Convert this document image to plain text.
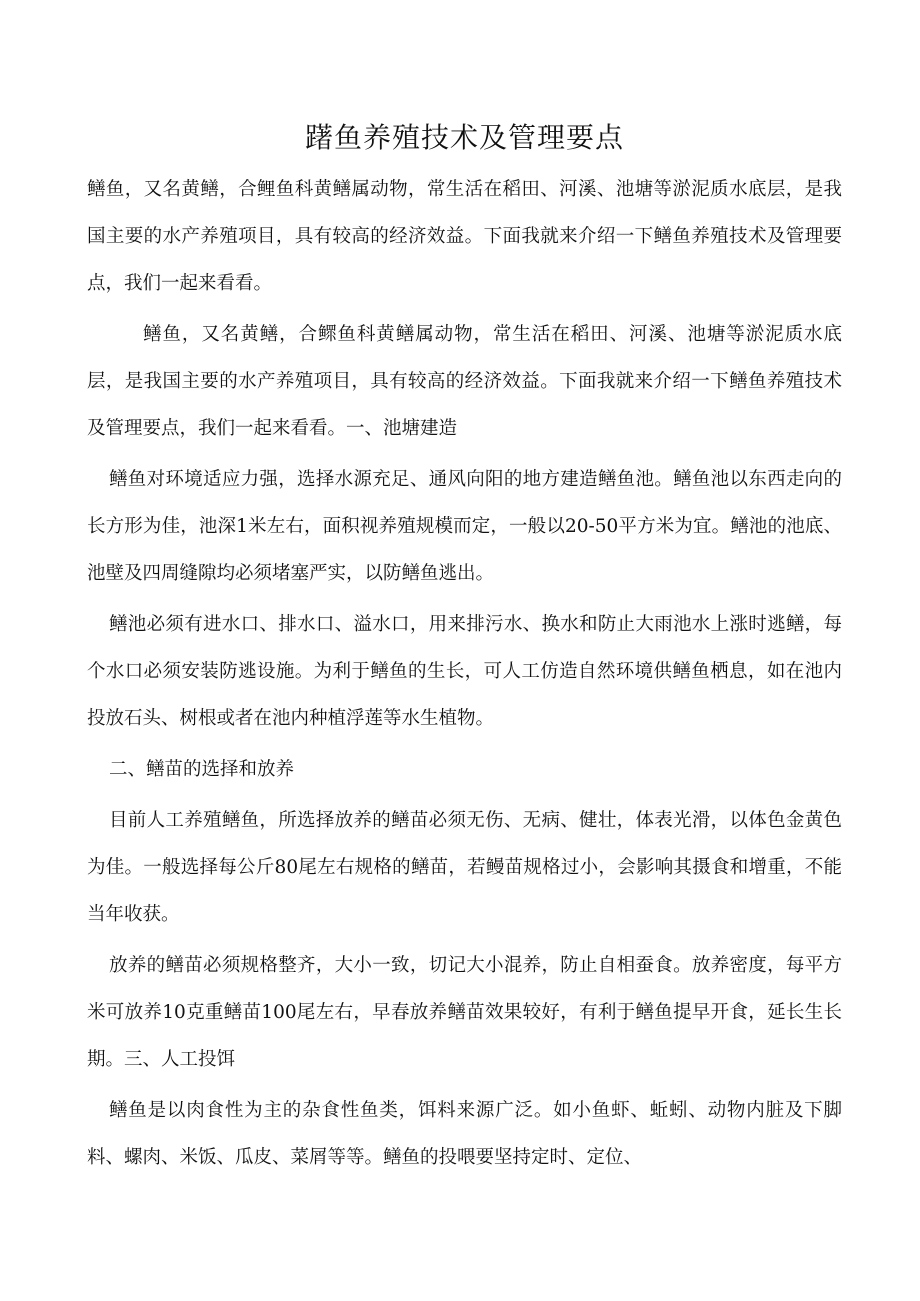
躇鱼养殖技术及管理要点

鳝鱼，又名黄鳝，合鲤鱼科黄鳝属动物，常生活在稻田、河溪、池塘等淤泥质水底层，是我国主要的水产养殖项目，具有较高的经济效益。下面我就来介绍一下鳝鱼养殖技术及管理要点，我们一起来看看。

鳝鱼，又名黄鳝，合鳏鱼科黄鳝属动物，常生活在稻田、河溪、池塘等淤泥质水底层，是我国主要的水产养殖项目，具有较高的经济效益。下面我就来介绍一下鳝鱼养殖技术及管理要点，我们一起来看看。一、池塘建造

鳝鱼对环境适应力强，选择水源充足、通风向阳的地方建造鳝鱼池。鳝鱼池以东西走向的长方形为佳，池深1米左右，面积视养殖规模而定，一般以20-50平方米为宜。鳝池的池底、池壁及四周缝隙均必须堵塞严实，以防鳝鱼逃出。

鳝池必须有进水口、排水口、溢水口，用来排污水、换水和防止大雨池水上涨时逃鳝，每个水口必须安装防逃设施。为利于鳝鱼的生长，可人工仿造自然环境供鳝鱼栖息，如在池内投放石头、树根或者在池内种植浮莲等水生植物。

二、鳝苗的选择和放养

目前人工养殖鳝鱼，所选择放养的鳝苗必须无伤、无病、健壮，体表光滑，以体色金黄色为佳。一般选择每公斤80尾左右规格的鳝苗，若鳗苗规格过小，会影响其摄食和增重，不能当年收获。

放养的鳝苗必须规格整齐，大小一致，切记大小混养，防止自相蚕食。放养密度，每平方米可放养10克重鳝苗100尾左右，早春放养鳝苗效果较好，有利于鳝鱼提早开食，延长生长期。三、人工投饵

鳝鱼是以肉食性为主的杂食性鱼类，饵料来源广泛。如小鱼虾、蚯蚓、动物内脏及下脚料、螺肉、米饭、瓜皮、菜屑等等。鳝鱼的投喂要坚持定时、定位、
